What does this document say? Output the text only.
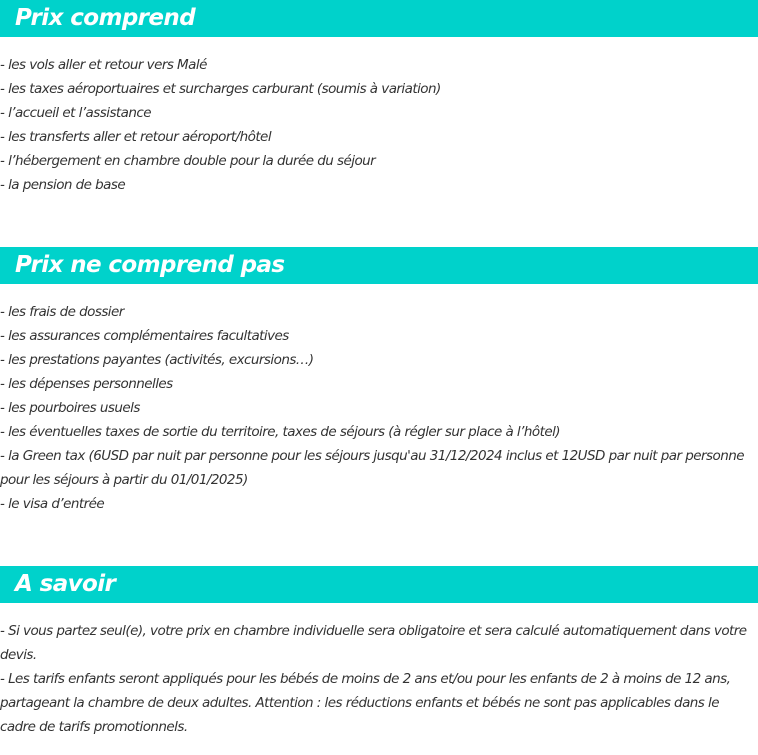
Prix comprend
- les vols aller et retour vers Malé
- les taxes aéroportuaires et surcharges carburant (soumis à variation)
- l’accueil et l’assistance
- les transferts aller et retour aéroport/hôtel
- l’hébergement en chambre double pour la durée du séjour
- la pension de base
Prix ne comprend pas
- les frais de dossier
- les assurances complémentaires facultatives
- les prestations payantes (activités, excursions…)
- les dépenses personnelles
- les pourboires usuels
- les éventuelles taxes de sortie du territoire, taxes de séjours (à régler sur place à l’hôtel)
- la Green tax (6USD par nuit par personne pour les séjours jusqu'au 31/12/2024 inclus et 12USD par nuit par personne pour les séjours à partir du 01/01/2025)
- le visa d’entrée
A savoir

- Si vous partez seul(e), votre prix en chambre individuelle sera obligatoire et sera calculé automatiquement dans votre devis.

- Les tarifs enfants seront appliqués pour les bébés de moins de 2 ans et/ou pour les enfants de 2 à moins de 12 ans, partageant la chambre de deux adultes. Attention : les réductions enfants et bébés ne sont pas applicables dans le cadre de tarifs promotionnels.
